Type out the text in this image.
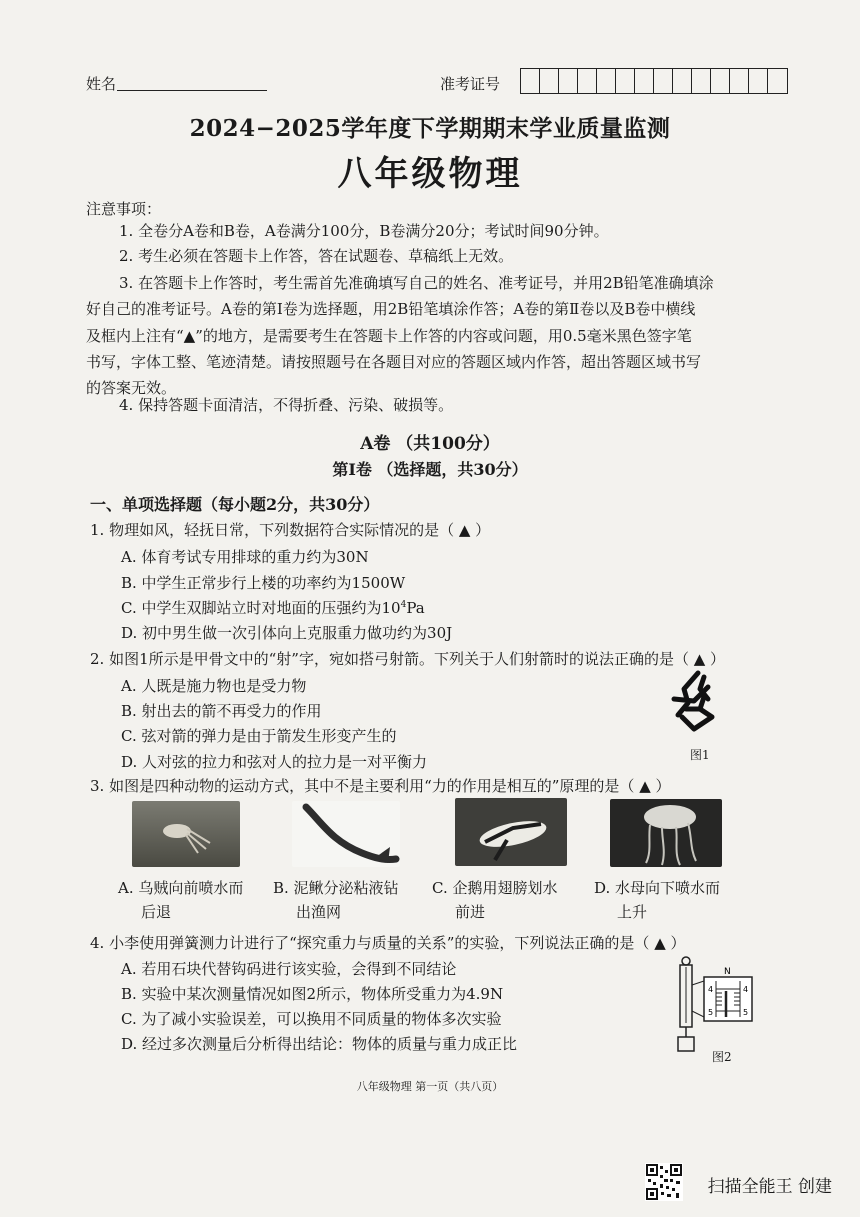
姓名	准考证号
2024−2025学年度下学期期末学业质量监测
八年级物理
注意事项：
1. 全卷分A卷和B卷，A卷满分100分，B卷满分20分；考试时间90分钟。
2. 考生必须在答题卡上作答，答在试题卷、草稿纸上无效。
3. 在答题卡上作答时，考生需首先准确填写自己的姓名、准考证号，并用2B铅笔准确填涂
好自己的准考证号。A卷的第Ⅰ卷为选择题，用2B铅笔填涂作答；A卷的第Ⅱ卷以及B卷中横线
及框内上注有“▲”的地方，是需要考生在答题卡上作答的内容或问题，用0.5毫米黑色签字笔
书写，字体工整、笔迹清楚。请按照题号在各题目对应的答题区域内作答，超出答题区域书写
的答案无效。
4. 保持答题卡面清洁，不得折叠、污染、破损等。
A卷 （共100分）
第I卷 （选择题，共30分）
一、单项选择题（每小题2分，共30分）
1. 物理如风，轻抚日常，下列数据符合实际情况的是（ ▲ ）
A. 体育考试专用排球的重力约为30N
B. 中学生正常步行上楼的功率约为1500W
C. 中学生双脚站立时对地面的压强约为$10^4Pa$
D. 初中男生做一次引体向上克服重力做功约为30J
2. 如图1所示是甲骨文中的“射”字，宛如搭弓射箭。下列关于人们射箭时的说法正确的是（ ▲ ）
A. 人既是施力物也是受力物
B. 射出去的箭不再受力的作用
C. 弦对箭的弹力是由于箭发生形变产生的
D. 人对弦的拉力和弦对人的拉力是一对平衡力	图1
3. 如图是四种动物的运动方式，其中不是主要利用“力的作用是相互的”原理的是（ ▲ ）
A. 乌贼向前喷水而
后退
B. 泥鳅分泌粘液钻
出渔网
C. 企鹅用翅膀划水
前进
D. 水母向下喷水而
上升
4. 小李使用弹簧测力计进行了“探究重力与质量的关系”的实验，下列说法正确的是（ ▲ ）
A. 若用石块代替钩码进行该实验，会得到不同结论
B. 实验中某次测量情况如图2所示，物体所受重力为4.9N
C. 为了减小实验误差，可以换用不同质量的物体多次实验
D. 经过多次测量后分析得出结论：物体的质量与重力成正比
N
4	4
5	5
图2
八年级物理 第一页（共八页）
扫描全能王 创建
